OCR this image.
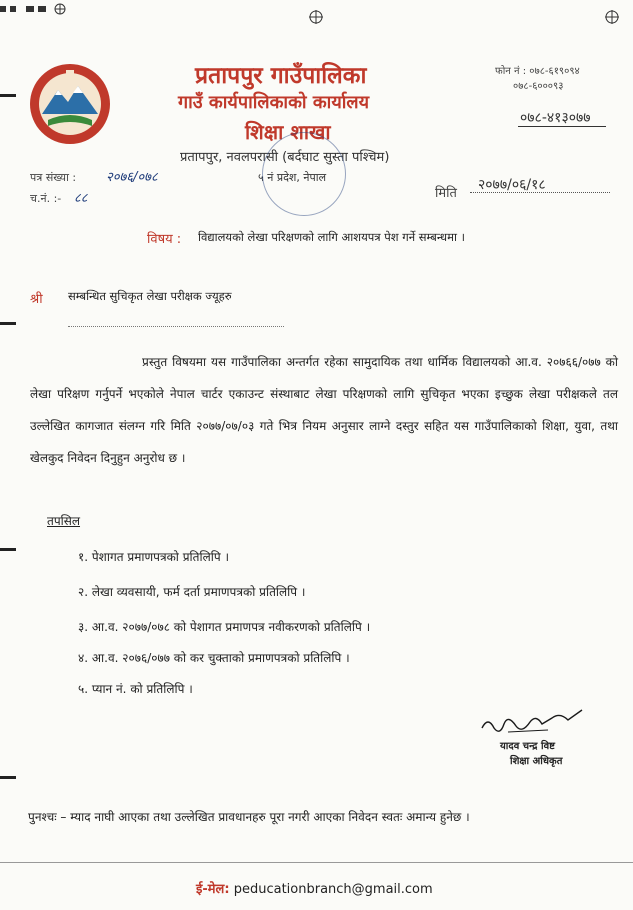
प्रतापपुर गाउँपालिका
गाउँ कार्यपालिकाको कार्यालय
शिक्षा शाखा
प्रतापपुर, नवलपरासी (बर्दघाट सुस्ता पश्चिम)
५ नं प्रदेश, नेपाल
फोन नं : ०७८-६१९०९४
०७८-६०००९३
०७८-४१३०७७
पत्र संख्या : २०७६/०७८
च.नं. :- ८८	मिति
२०७७/०६/१८
विषय : विद्यालयको लेखा परिक्षणको लागि आशयपत्र पेश गर्ने सम्बन्धमा ।
श्री सम्बन्धित सुचिकृत लेखा परीक्षक ज्यूहरु
प्रस्तुत विषयमा यस गाउँपालिका अन्तर्गत रहेका सामुदायिक तथा धार्मिक विद्यालयको आ.व. २०७६६/०७७ को लेखा परिक्षण गर्नुपर्ने भएकोले नेपाल चार्टर एकाउन्ट संस्थाबाट लेखा परिक्षणको लागि सुचिकृत भएका इच्छुक लेखा परीक्षकले तल उल्लेखित कागजात संलग्न गरि मिति २०७७/०७/०३ गते भित्र नियम अनुसार लाग्ने दस्तुर सहित यस गाउँपालिकाको शिक्षा, युवा, तथा खेलकुद निवेदन दिनुहुन अनुरोध छ ।
तपसिल
१. पेशागत प्रमाणपत्रको प्रतिलिपि ।
२. लेखा व्यवसायी, फर्म दर्ता प्रमाणपत्रको प्रतिलिपि ।
३. आ.व. २०७७/०७८ को पेशागत प्रमाणपत्र नवीकरणको प्रतिलिपि ।
४. आ.व. २०७६/०७७ को कर चुक्ताको प्रमाणपत्रको प्रतिलिपि ।
५. प्यान नं. को प्रतिलिपि ।
यादव चन्द्र विष्ट
शिक्षा अधिकृत
पुनश्चः – म्याद नाघी आएका तथा उल्लेखित प्रावधानहरु पूरा नगरी आएका निवेदन स्वतः अमान्य हुनेछ ।
ई-मेल: peducationbranch@gmail.com
